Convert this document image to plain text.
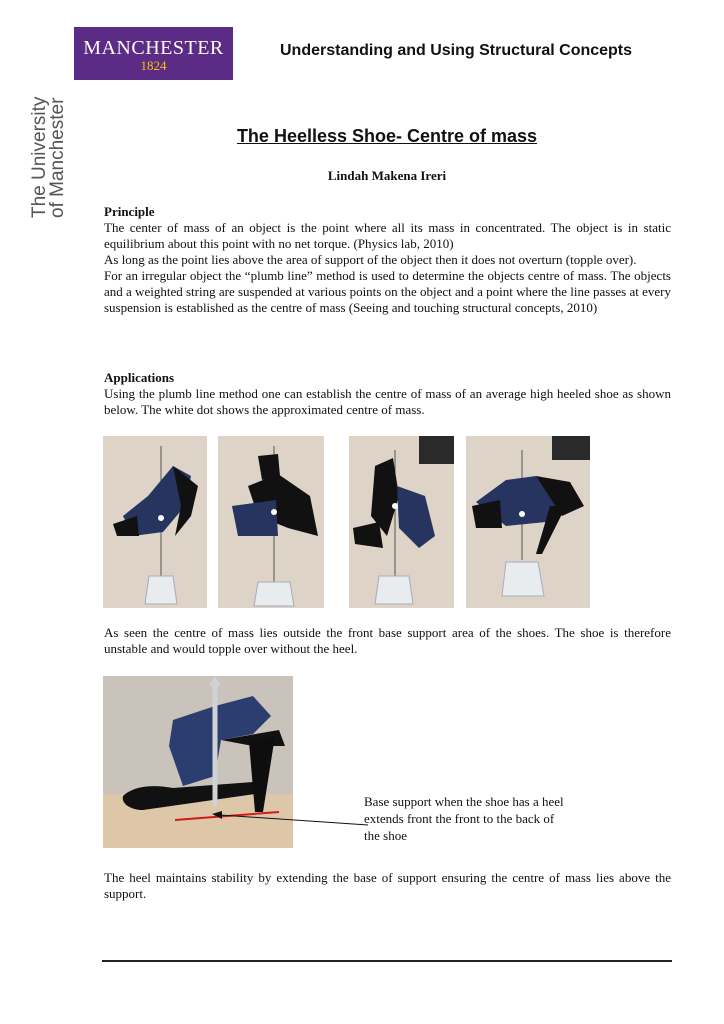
MANCHESTER
1824
The University
of Manchester
Understanding and Using Structural Concepts
The Heelless Shoe- Centre of mass
Lindah Makena Ireri
Principle

The center of mass of an object is the point where all its mass in concentrated. The object is in static equilibrium about this point with no net torque. (Physics lab, 2010)

As long as the point lies above the area of support of the object then it does not overturn (topple over).

For an irregular object the “plumb line” method is used to determine the objects centre of mass. The objects and a weighted string are suspended at various points on the object and a point where the line passes at every suspension is established as the centre of mass (Seeing and touching structural concepts, 2010)

Applications

Using the plumb line method one can establish the centre of mass of an average high heeled shoe as shown below. The white dot shows the approximated centre of mass.

As seen the centre of mass lies outside the front base support area of the shoes. The shoe is therefore unstable and would topple over without the heel.

Base support when the shoe has a heel extends front the front to the back of the shoe

The heel maintains stability by extending the base of support ensuring the centre of mass lies above the support.
